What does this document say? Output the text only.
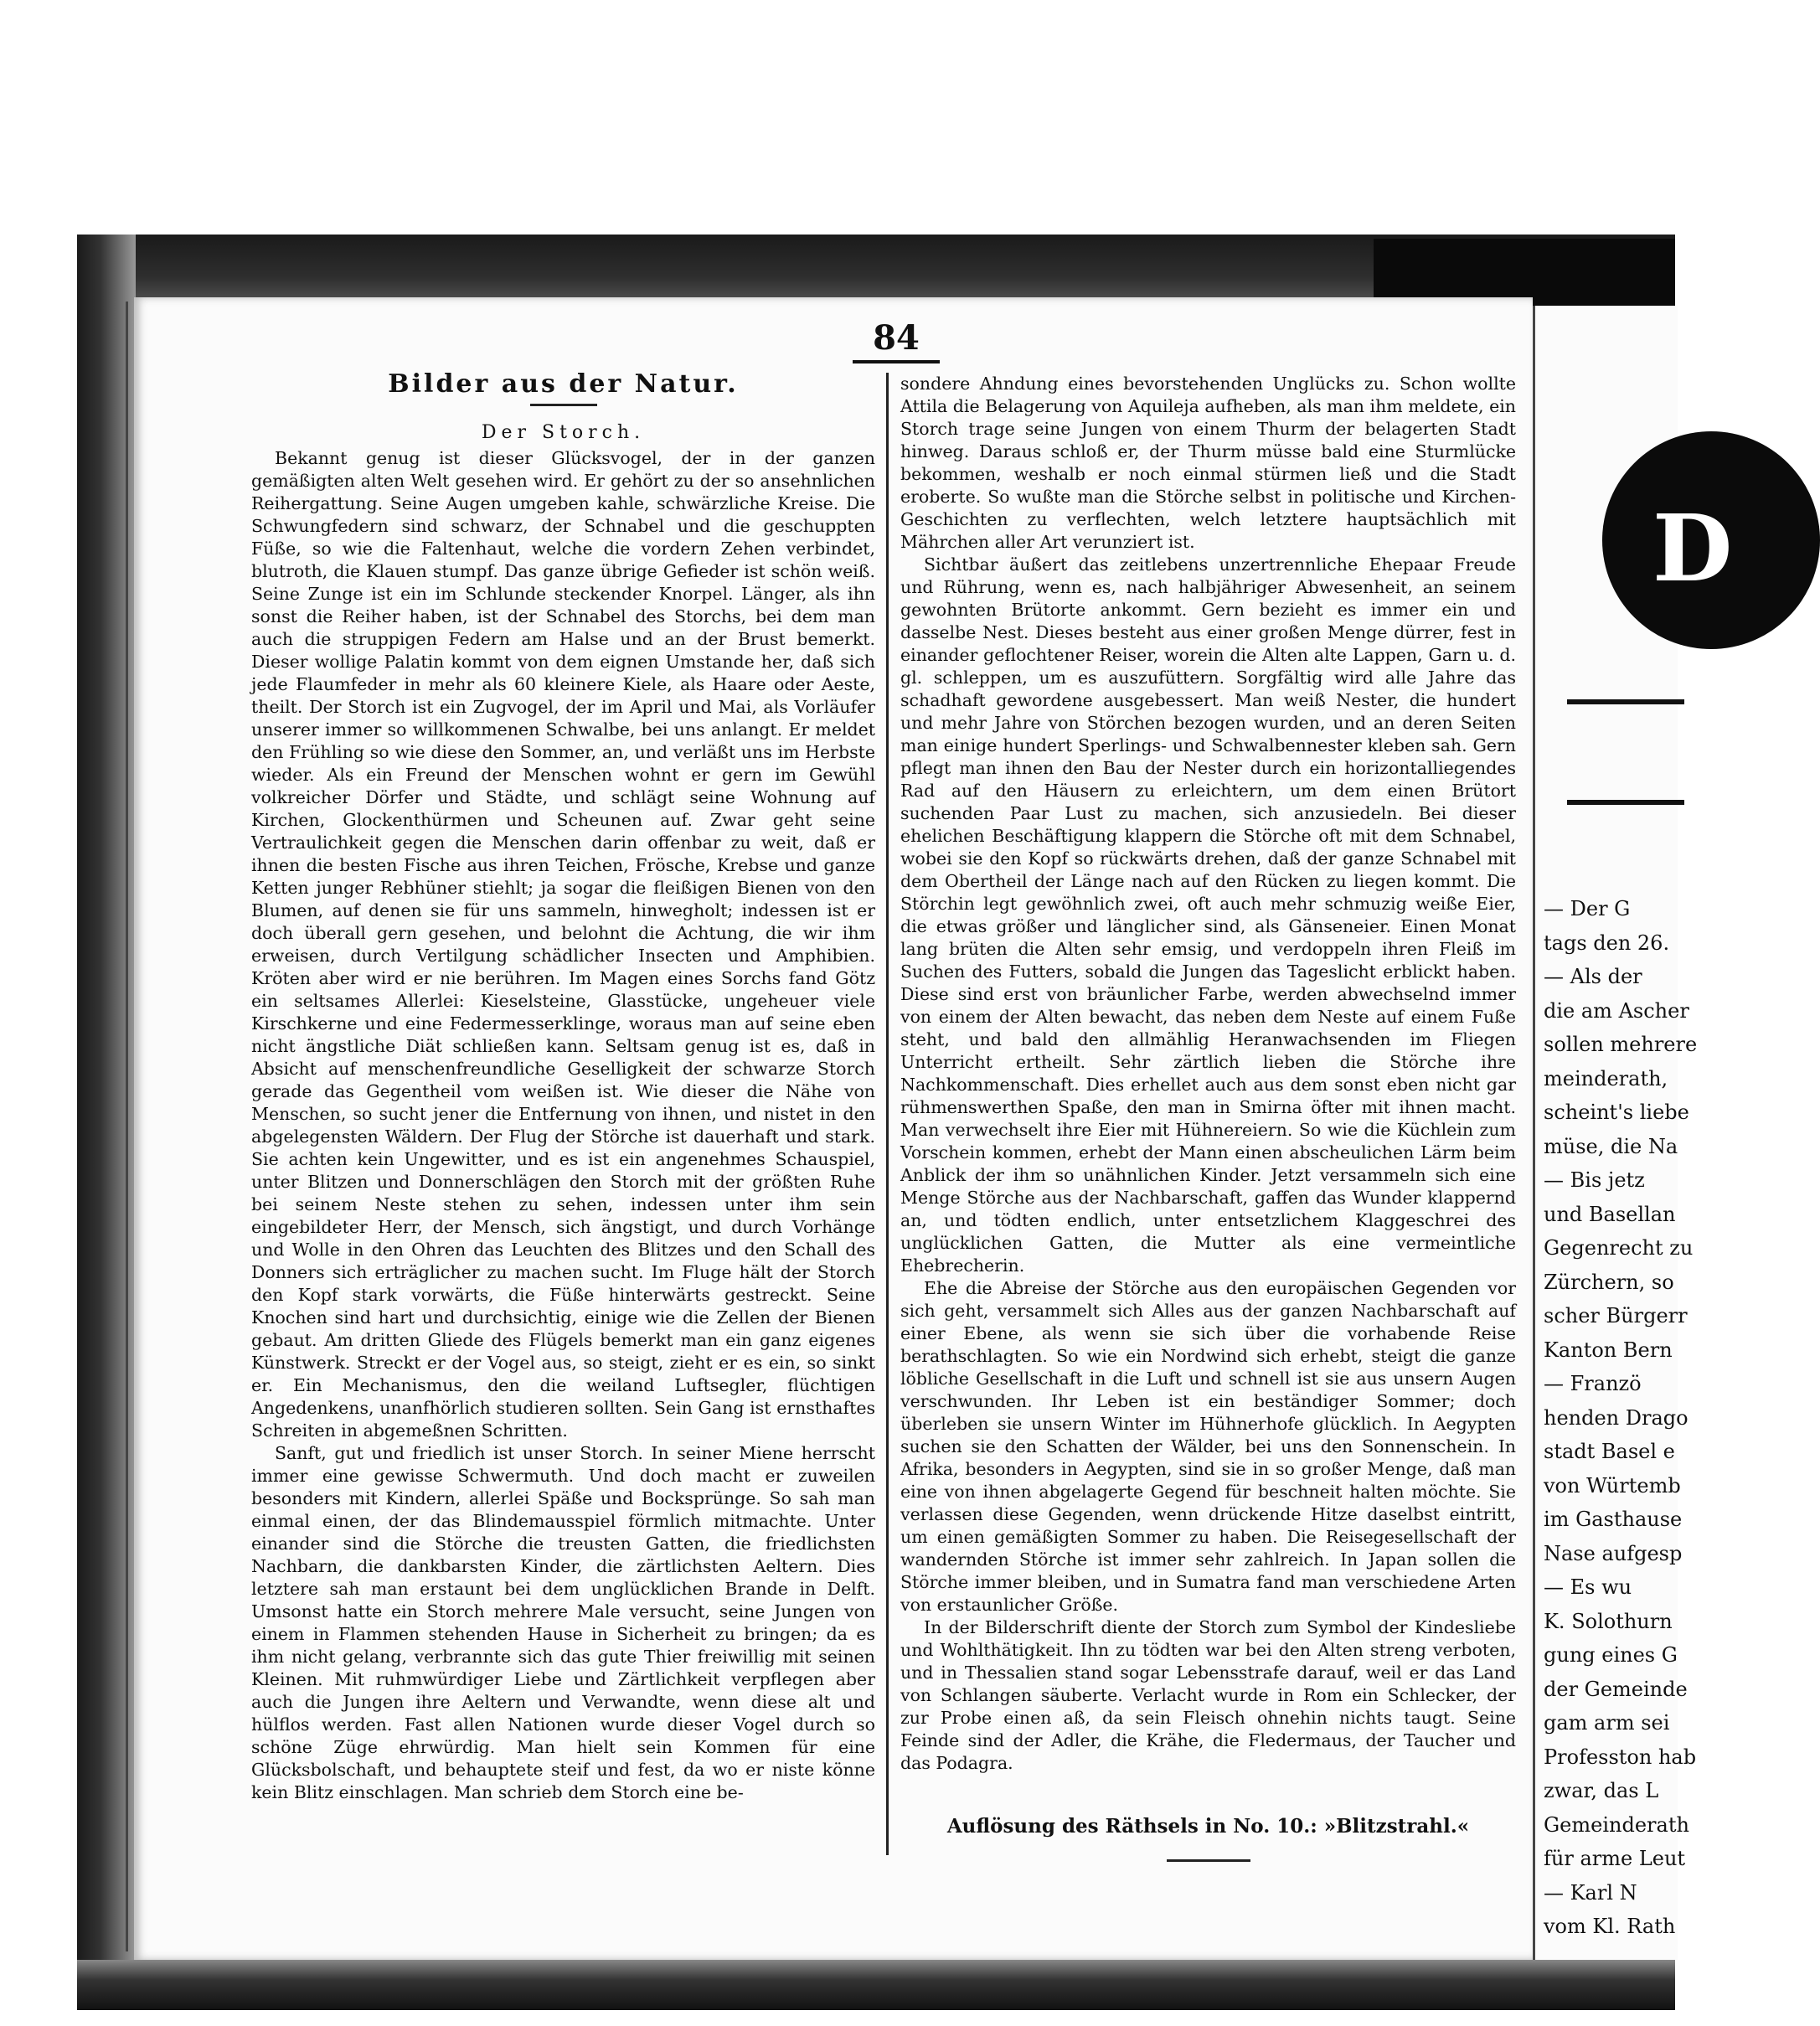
84
Bilder aus der Natur.
Der Storch.

Bekannt genug ist dieser Glücksvogel, der in der ganzen gemäßigten alten Welt gesehen wird. Er gehört zu der so ansehnlichen Reihergattung. Seine Augen umgeben kahle, schwärzliche Kreise. Die Schwungfedern sind schwarz, der Schnabel und die geschuppten Füße, so wie die Faltenhaut, welche die vordern Zehen verbindet, blutroth, die Klauen stumpf. Das ganze übrige Gefieder ist schön weiß. Seine Zunge ist ein im Schlunde steckender Knorpel. Länger, als ihn sonst die Reiher haben, ist der Schnabel des Storchs, bei dem man auch die struppigen Federn am Halse und an der Brust bemerkt. Dieser wollige Palatin kommt von dem eignen Umstande her, daß sich jede Flaumfeder in mehr als 60 kleinere Kiele, als Haare oder Aeste, theilt. Der Storch ist ein Zugvogel, der im April und Mai, als Vorläufer unserer immer so willkommenen Schwalbe, bei uns anlangt. Er meldet den Frühling so wie diese den Sommer, an, und verläßt uns im Herbste wieder. Als ein Freund der Menschen wohnt er gern im Gewühl volkreicher Dörfer und Städte, und schlägt seine Wohnung auf Kirchen, Glockenthürmen und Scheunen auf. Zwar geht seine Vertraulichkeit gegen die Menschen darin offenbar zu weit, daß er ihnen die besten Fische aus ihren Teichen, Frösche, Krebse und ganze Ketten junger Rebhüner stiehlt; ja sogar die fleißigen Bienen von den Blumen, auf denen sie für uns sammeln, hinwegholt; indessen ist er doch überall gern gesehen, und belohnt die Achtung, die wir ihm erweisen, durch Vertilgung schädlicher Insecten und Amphibien. Kröten aber wird er nie berühren. Im Magen eines Sorchs fand Götz ein seltsames Allerlei: Kieselsteine, Glasstücke, ungeheuer viele Kirschkerne und eine Federmesserklinge, woraus man auf seine eben nicht ängstliche Diät schließen kann. Seltsam genug ist es, daß in Absicht auf menschenfreundliche Geselligkeit der schwarze Storch gerade das Gegentheil vom weißen ist. Wie dieser die Nähe von Menschen, so sucht jener die Entfernung von ihnen, und nistet in den abgelegensten Wäldern. Der Flug der Störche ist dauerhaft und stark. Sie achten kein Ungewitter, und es ist ein angenehmes Schauspiel, unter Blitzen und Donnerschlägen den Storch mit der größten Ruhe bei seinem Neste stehen zu sehen, indessen unter ihm sein eingebildeter Herr, der Mensch, sich ängstigt, und durch Vorhänge und Wolle in den Ohren das Leuchten des Blitzes und den Schall des Donners sich erträglicher zu machen sucht. Im Fluge hält der Storch den Kopf stark vorwärts, die Füße hinterwärts gestreckt. Seine Knochen sind hart und durchsichtig, einige wie die Zellen der Bienen gebaut. Am dritten Gliede des Flügels bemerkt man ein ganz eigenes Künstwerk. Streckt er der Vogel aus, so steigt, zieht er es ein, so sinkt er. Ein Mechanismus, den die weiland Luftsegler, flüchtigen Angedenkens, unanfhörlich studieren sollten. Sein Gang ist ernsthaftes Schreiten in abgemeßnen Schritten.

Sanft, gut und friedlich ist unser Storch. In seiner Miene herrscht immer eine gewisse Schwermuth. Und doch macht er zuweilen besonders mit Kindern, allerlei Späße und Bocksprünge. So sah man einmal einen, der das Blindemausspiel förmlich mitmachte. Unter einander sind die Störche die treusten Gatten, die friedlichsten Nachbarn, die dankbarsten Kinder, die zärtlichsten Aeltern. Dies letztere sah man erstaunt bei dem unglücklichen Brande in Delft. Umsonst hatte ein Storch mehrere Male versucht, seine Jungen von einem in Flammen stehenden Hause in Sicherheit zu bringen; da es ihm nicht gelang, verbrannte sich das gute Thier freiwillig mit seinen Kleinen. Mit ruhmwürdiger Liebe und Zärtlichkeit verpflegen aber auch die Jungen ihre Aeltern und Verwandte, wenn diese alt und hülflos werden. Fast allen Nationen wurde dieser Vogel durch so schöne Züge ehrwürdig. Man hielt sein Kommen für eine Glücksbolschaft, und behauptete steif und fest, da wo er niste könne kein Blitz einschlagen. Man schrieb dem Storch eine be-

sondere Ahndung eines bevorstehenden Unglücks zu. Schon wollte Attila die Belagerung von Aquileja aufheben, als man ihm meldete, ein Storch trage seine Jungen von einem Thurm der belagerten Stadt hinweg. Daraus schloß er, der Thurm müsse bald eine Sturmlücke bekommen, weshalb er noch einmal stürmen ließ und die Stadt eroberte. So wußte man die Störche selbst in politische und Kirchen-Geschichten zu verflechten, welch letztere hauptsächlich mit Mährchen aller Art verunziert ist.

Sichtbar äußert das zeitlebens unzertrennliche Ehepaar Freude und Rührung, wenn es, nach halbjähriger Abwesenheit, an seinem gewohnten Brütorte ankommt. Gern bezieht es immer ein und dasselbe Nest. Dieses besteht aus einer großen Menge dürrer, fest in einander geflochtener Reiser, worein die Alten alte Lappen, Garn u. d. gl. schleppen, um es auszufüttern. Sorgfältig wird alle Jahre das schadhaft gewordene ausgebessert. Man weiß Nester, die hundert und mehr Jahre von Störchen bezogen wurden, und an deren Seiten man einige hundert Sperlings- und Schwalbennester kleben sah. Gern pflegt man ihnen den Bau der Nester durch ein horizontalliegendes Rad auf den Häusern zu erleichtern, um dem einen Brütort suchenden Paar Lust zu machen, sich anzusiedeln. Bei dieser ehelichen Beschäftigung klappern die Störche oft mit dem Schnabel, wobei sie den Kopf so rückwärts drehen, daß der ganze Schnabel mit dem Obertheil der Länge nach auf den Rücken zu liegen kommt. Die Störchin legt gewöhnlich zwei, oft auch mehr schmuzig weiße Eier, die etwas größer und länglicher sind, als Gänseneier. Einen Monat lang brüten die Alten sehr emsig, und verdoppeln ihren Fleiß im Suchen des Futters, sobald die Jungen das Tageslicht erblickt haben. Diese sind erst von bräunlicher Farbe, werden abwechselnd immer von einem der Alten bewacht, das neben dem Neste auf einem Fuße steht, und bald den allmählig Heranwachsenden im Fliegen Unterricht ertheilt. Sehr zärtlich lieben die Störche ihre Nachkommenschaft. Dies erhellet auch aus dem sonst eben nicht gar rühmenswerthen Spaße, den man in Smirna öfter mit ihnen macht. Man verwechselt ihre Eier mit Hühnereiern. So wie die Küchlein zum Vorschein kommen, erhebt der Mann einen abscheulichen Lärm beim Anblick der ihm so unähnlichen Kinder. Jetzt versammeln sich eine Menge Störche aus der Nachbarschaft, gaffen das Wunder klappernd an, und tödten endlich, unter entsetzlichem Klaggeschrei des unglücklichen Gatten, die Mutter als eine vermeintliche Ehebrecherin.

Ehe die Abreise der Störche aus den europäischen Gegenden vor sich geht, versammelt sich Alles aus der ganzen Nachbarschaft auf einer Ebene, als wenn sie sich über die vorhabende Reise berathschlagten. So wie ein Nordwind sich erhebt, steigt die ganze löbliche Gesellschaft in die Luft und schnell ist sie aus unsern Augen verschwunden. Ihr Leben ist ein beständiger Sommer; doch überleben sie unsern Winter im Hühnerhofe glücklich. In Aegypten suchen sie den Schatten der Wälder, bei uns den Sonnenschein. In Afrika, besonders in Aegypten, sind sie in so großer Menge, daß man eine von ihnen abgelagerte Gegend für beschneit halten möchte. Sie verlassen diese Gegenden, wenn drückende Hitze daselbst eintritt, um einen gemäßigten Sommer zu haben. Die Reisegesellschaft der wandernden Störche ist immer sehr zahlreich. In Japan sollen die Störche immer bleiben, und in Sumatra fand man verschiedene Arten von erstaunlicher Größe.

In der Bilderschrift diente der Storch zum Symbol der Kindesliebe und Wohlthätigkeit. Ihn zu tödten war bei den Alten streng verboten, und in Thessalien stand sogar Lebensstrafe darauf, weil er das Land von Schlangen säuberte. Verlacht wurde in Rom ein Schlecker, der zur Probe einen aß, da sein Fleisch ohnehin nichts taugt. Seine Feinde sind der Adler, die Krähe, die Fledermaus, der Taucher und das Podagra.

Auflösung des Räthsels in No. 10.: »Blitzstrahl.«
D
— Der G
tags den 26.
— Als der
die am Ascher
sollen mehrere
meinderath,
scheint's liebe
müse, die Na
— Bis jetz
und Basellan
Gegenrecht zu
Zürchern, so
scher Bürgerr
Kanton Bern
— Franzö
henden Drago
stadt Basel e
von Würtemb
im Gasthause
Nase aufgesp
— Es wu
K. Solothurn
gung eines G
der Gemeinde
gam arm sei
Professton hab
zwar, das L
Gemeinderath
für arme Leut
— Karl N
vom Kl. Rath
